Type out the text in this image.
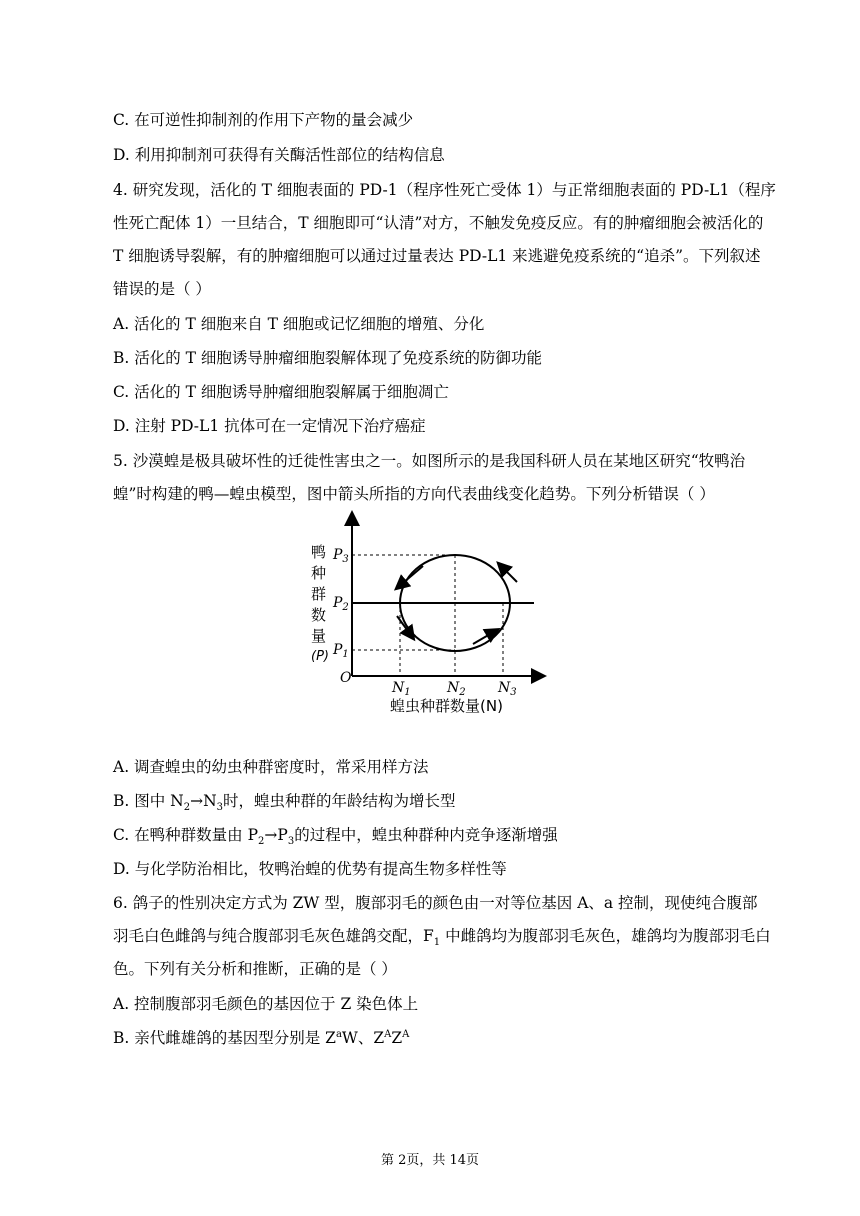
C. 在可逆性抑制剂的作用下产物的量会减少
D. 利用抑制剂可获得有关酶活性部位的结构信息
4. 研究发现，活化的 T 细胞表面的 PD-1（程序性死亡受体 1）与正常细胞表面的 PD-L1（程序
性死亡配体 1）一旦结合，T 细胞即可“认清”对方，不触发免疫反应。有的肿瘤细胞会被活化的
T 细胞诱导裂解，有的肿瘤细胞可以通过过量表达 PD-L1 来逃避免疫系统的“追杀”。下列叙述
错误的是（ ）
A. 活化的 T 细胞来自 T 细胞或记忆细胞的增殖、分化
B. 活化的 T 细胞诱导肿瘤细胞裂解体现了免疫系统的防御功能
C. 活化的 T 细胞诱导肿瘤细胞裂解属于细胞凋亡
D. 注射 PD-L1 抗体可在一定情况下治疗癌症
5. 沙漠蝗是极具破坏性的迁徙性害虫之一。如图所示的是我国科研人员在某地区研究“牧鸭治
蝗”时构建的鸭—蝗虫模型，图中箭头所指的方向代表曲线变化趋势。下列分析错误（ ）
鸭
种
群
数
量
(P)
$P_3$
$P_2$
$P_1$
O
$N_1$	$N_2$ $N_3$
蝗虫种群数量(N)
A. 调查蝗虫的幼虫种群密度时，常采用样方法
B. 图中 $N_2\to N_3$时，蝗虫种群的年龄结构为增长型
C. 在鸭种群数量由 $P_2\to P_3$的过程中，蝗虫种群种内竞争逐渐增强
D. 与化学防治相比，牧鸭治蝗的优势有提高生物多样性等
6. 鸽子的性别决定方式为 ZW 型，腹部羽毛的颜色由一对等位基因 A、a 控制，现使纯合腹部
羽毛白色雌鸽与纯合腹部羽毛灰色雄鸽交配，$F_1$ 中雌鸽均为腹部羽毛灰色，雄鸽均为腹部羽毛白
色。下列有关分析和推断，正确的是（ ）
A. 控制腹部羽毛颜色的基因位于 Z 染色体上
B. 亲代雌雄鸽的基因型分别是 $Z^aW$、$Z^AZ^A$
第 2页，共 14页
